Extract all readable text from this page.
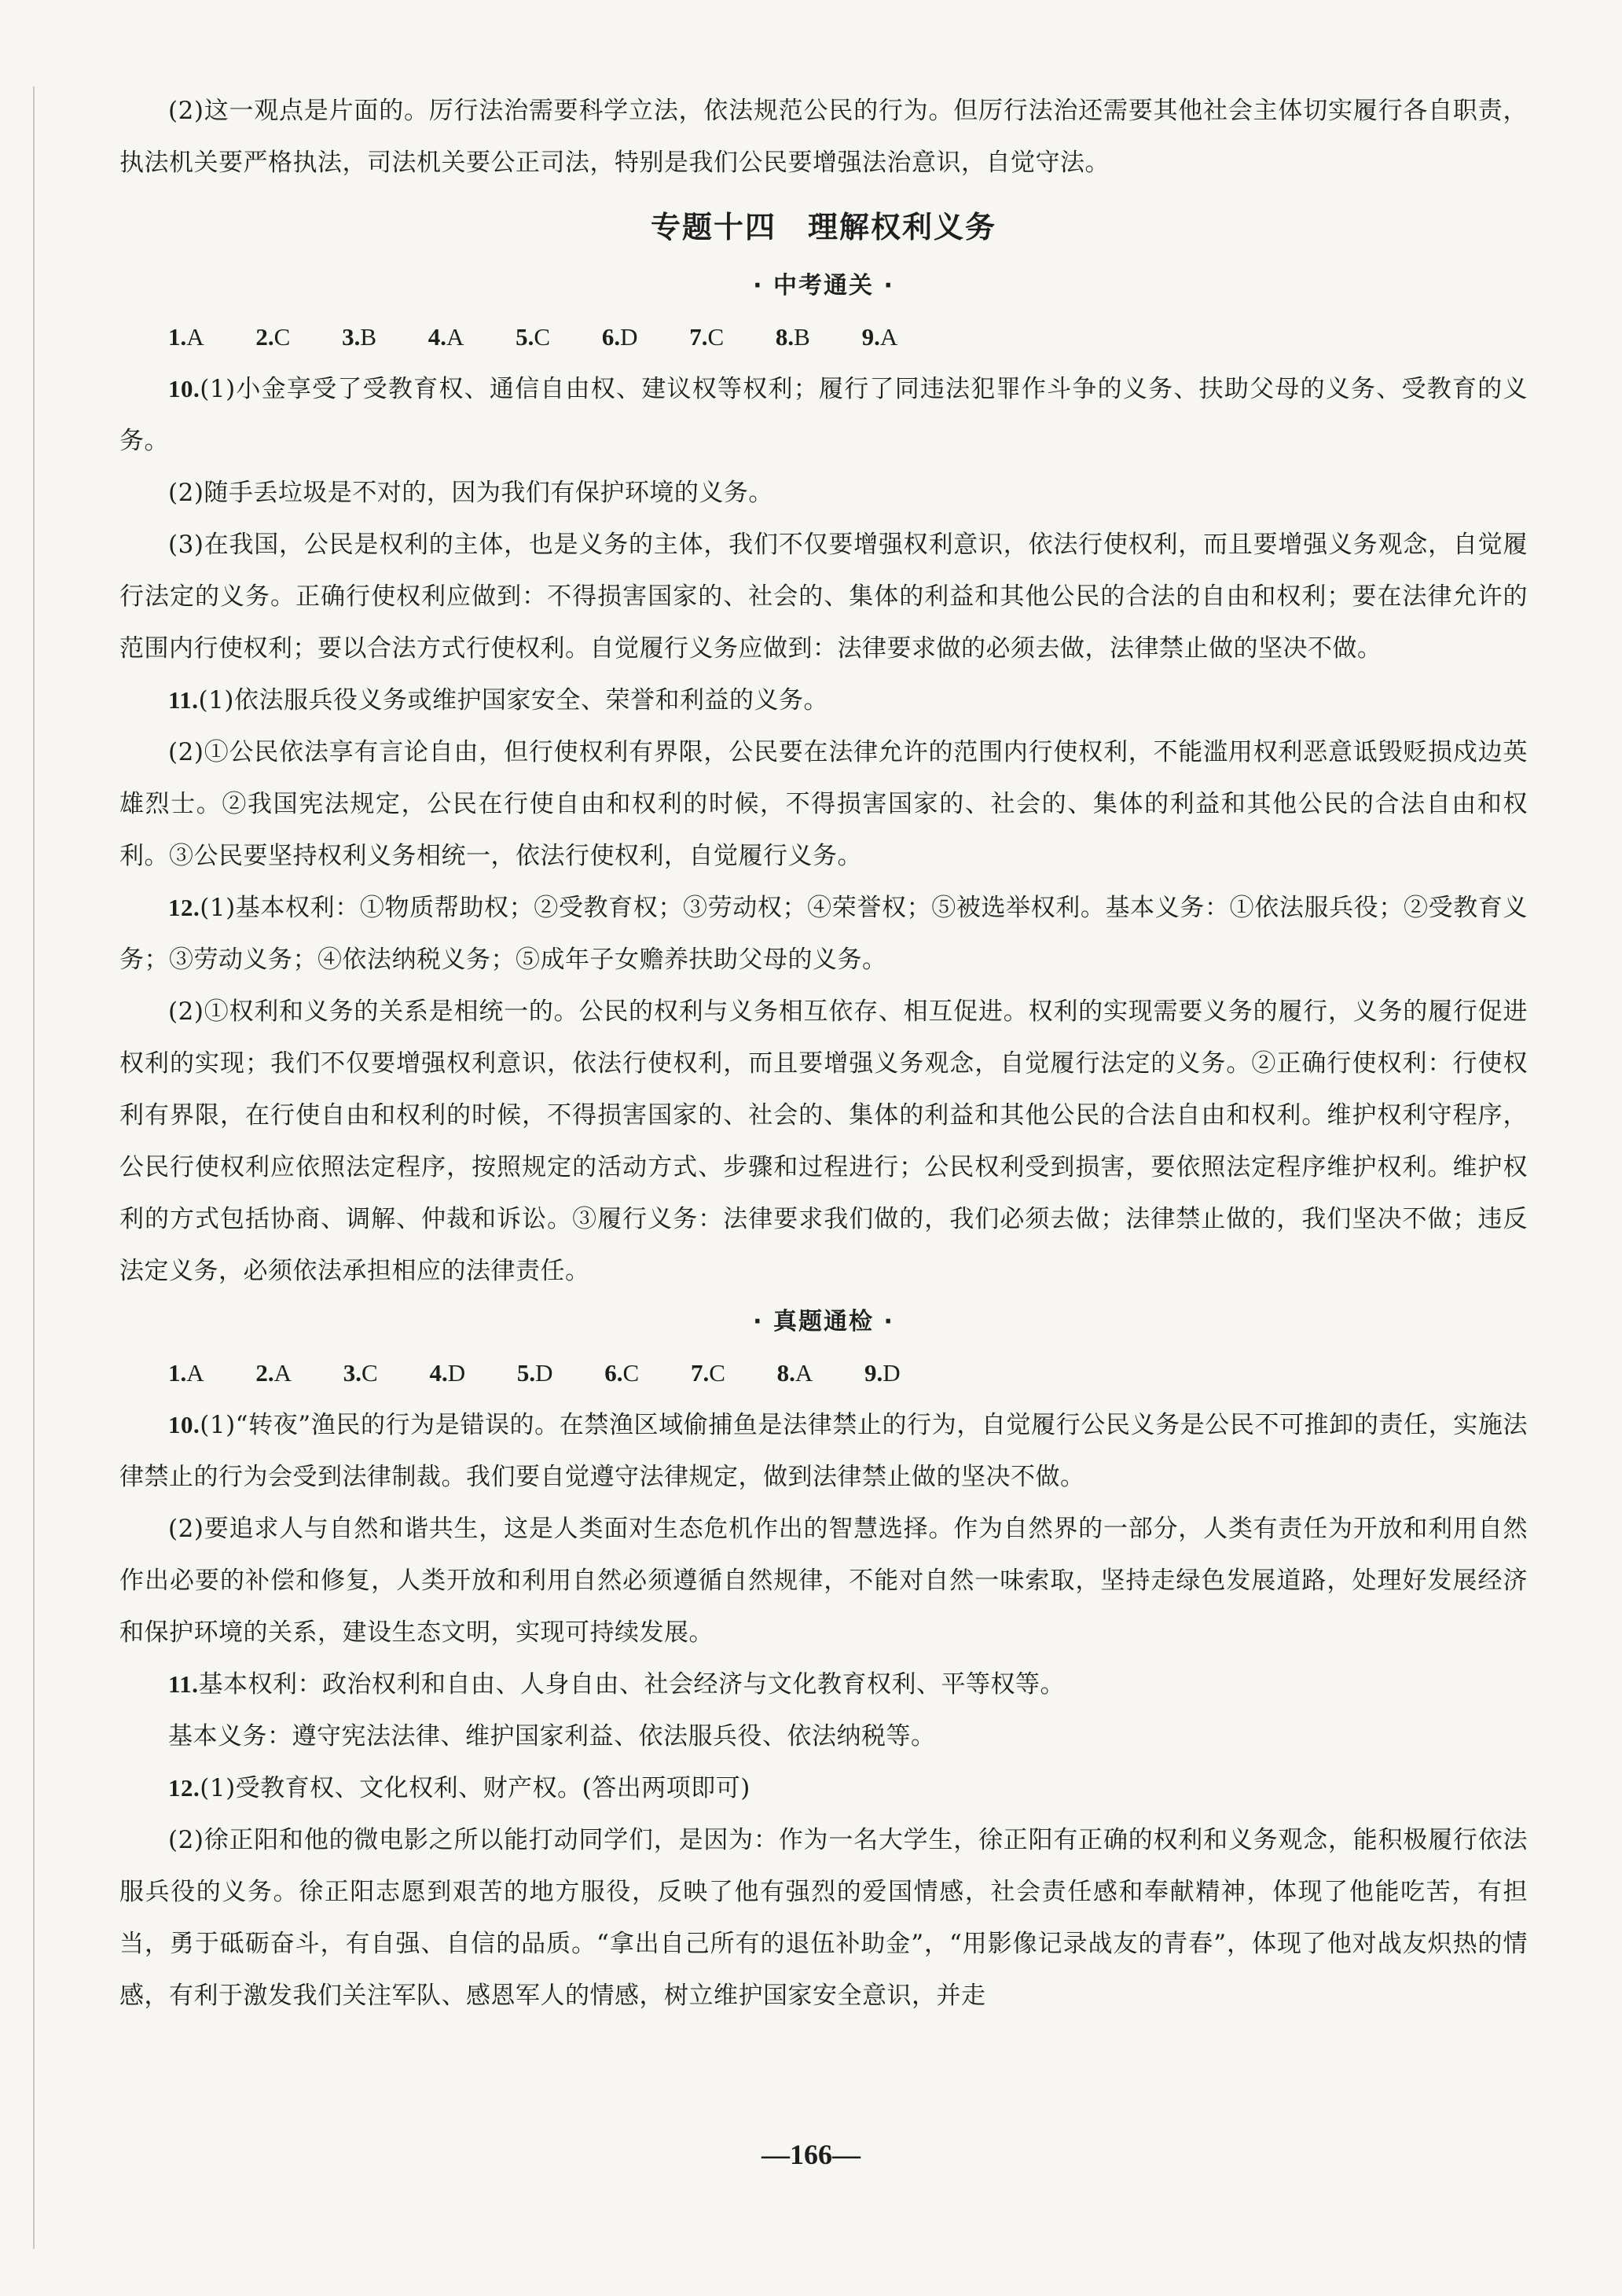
(2)这一观点是片面的。厉行法治需要科学立法，依法规范公民的行为。但厉行法治还需要其他社会主体切实履行各自职责，执法机关要严格执法，司法机关要公正司法，特别是我们公民要增强法治意识，自觉守法。

专题十四　理解权利义务
· 中考通关 ·
1.A 2.C 3.B 4.A 5.C 6.D 7.C 8.B 9.A

10.(1)小金享受了受教育权、通信自由权、建议权等权利；履行了同违法犯罪作斗争的义务、扶助父母的义务、受教育的义务。

(2)随手丢垃圾是不对的，因为我们有保护环境的义务。

(3)在我国，公民是权利的主体，也是义务的主体，我们不仅要增强权利意识，依法行使权利，而且要增强义务观念，自觉履行法定的义务。正确行使权利应做到：不得损害国家的、社会的、集体的利益和其他公民的合法的自由和权利；要在法律允许的范围内行使权利；要以合法方式行使权利。自觉履行义务应做到：法律要求做的必须去做，法律禁止做的坚决不做。

11.(1)依法服兵役义务或维护国家安全、荣誉和利益的义务。

(2)①公民依法享有言论自由，但行使权利有界限，公民要在法律允许的范围内行使权利，不能滥用权利恶意诋毁贬损戍边英雄烈士。②我国宪法规定，公民在行使自由和权利的时候，不得损害国家的、社会的、集体的利益和其他公民的合法自由和权利。③公民要坚持权利义务相统一，依法行使权利，自觉履行义务。

12.(1)基本权利：①物质帮助权；②受教育权；③劳动权；④荣誉权；⑤被选举权利。基本义务：①依法服兵役；②受教育义务；③劳动义务；④依法纳税义务；⑤成年子女赡养扶助父母的义务。

(2)①权利和义务的关系是相统一的。公民的权利与义务相互依存、相互促进。权利的实现需要义务的履行，义务的履行促进权利的实现；我们不仅要增强权利意识，依法行使权利，而且要增强义务观念，自觉履行法定的义务。②正确行使权利：行使权利有界限，在行使自由和权利的时候，不得损害国家的、社会的、集体的利益和其他公民的合法自由和权利。维护权利守程序，公民行使权利应依照法定程序，按照规定的活动方式、步骤和过程进行；公民权利受到损害，要依照法定程序维护权利。维护权利的方式包括协商、调解、仲裁和诉讼。③履行义务：法律要求我们做的，我们必须去做；法律禁止做的，我们坚决不做；违反法定义务，必须依法承担相应的法律责任。

· 真题通检 ·
1.A 2.A 3.C 4.D 5.D 6.C 7.C 8.A 9.D

10.(1)“转夜”渔民的行为是错误的。在禁渔区域偷捕鱼是法律禁止的行为，自觉履行公民义务是公民不可推卸的责任，实施法律禁止的行为会受到法律制裁。我们要自觉遵守法律规定，做到法律禁止做的坚决不做。

(2)要追求人与自然和谐共生，这是人类面对生态危机作出的智慧选择。作为自然界的一部分，人类有责任为开放和利用自然作出必要的补偿和修复，人类开放和利用自然必须遵循自然规律，不能对自然一味索取，坚持走绿色发展道路，处理好发展经济和保护环境的关系，建设生态文明，实现可持续发展。

11.基本权利：政治权利和自由、人身自由、社会经济与文化教育权利、平等权等。

基本义务：遵守宪法法律、维护国家利益、依法服兵役、依法纳税等。

12.(1)受教育权、文化权利、财产权。(答出两项即可)

(2)徐正阳和他的微电影之所以能打动同学们，是因为：作为一名大学生，徐正阳有正确的权利和义务观念，能积极履行依法服兵役的义务。徐正阳志愿到艰苦的地方服役，反映了他有强烈的爱国情感，社会责任感和奉献精神，体现了他能吃苦，有担当，勇于砥砺奋斗，有自强、自信的品质。“拿出自己所有的退伍补助金”，“用影像记录战友的青春”，体现了他对战友炽热的情感，有利于激发我们关注军队、感恩军人的情感，树立维护国家安全意识，并走

—166—
